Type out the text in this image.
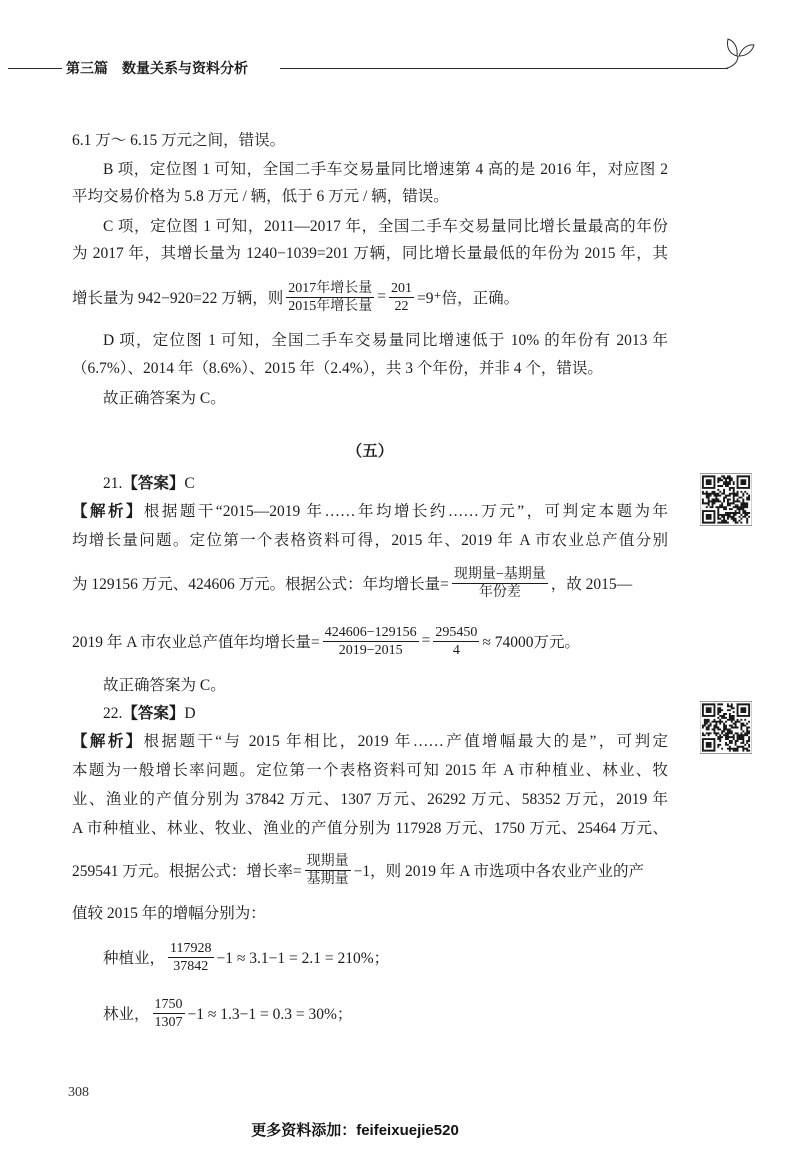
第三篇　数量关系与资料分析
6.1 万～ 6.15 万元之间，错误。
B 项，定位图 1 可知，全国二手车交易量同比增速第 4 高的是 2016 年，对应图 2
平均交易价格为 5.8 万元 / 辆，低于 6 万元 / 辆，错误。
C 项，定位图 1 可知，2011—2017 年，全国二手车交易量同比增长量最高的年份
为 2017 年，其增长量为 1240−1039=201 万辆，同比增长量最低的年份为 2015 年，其
增长量为 942−920=22 万辆，则 $\frac{\text{2017年增长量}}{\text{2015年增长量}} = \frac{201}{22} =9^+$倍，正确。
D 项，定位图 1 可知，全国二手车交易量同比增速低于 10% 的年份有 2013 年
（6.7%）、2014 年（8.6%）、2015 年（2.4%），共 3 个年份，并非 4 个，错误。
故正确答案为 C。
（五）
21.【答案】C
【解析】根据题干“2015—2019 年……年均增长约……万元”，可判定本题为年
均增长量问题。定位第一个表格资料可得，2015 年、2019 年 A 市农业总产值分别
为 129156 万元、424606 万元。根据公式：年均增长量= $\frac{\text{现期量−基期量}}{\text{年份差}}$ ，故 2015—
2019 年 A 市农业总产值年均增长量= $\frac{424606-129156}{2019-2015} = \frac{295450}{4} \approx 74000$万元。
故正确答案为 C。
22.【答案】D
【解析】根据题干“与 2015 年相比，2019 年……产值增幅最大的是”，可判定
本题为一般增长率问题。定位第一个表格资料可知 2015 年 A 市种植业、林业、牧
业、渔业的产值分别为 37842 万元、1307 万元、26292 万元、58352 万元，2019 年
A 市种植业、林业、牧业、渔业的产值分别为 117928 万元、1750 万元、25464 万元、
259541 万元。根据公式：增长率= $\frac{\text{现期量}}{\text{基期量}} -1$，则 2019 年 A 市选项中各农业产业的产
值较 2015 年的增幅分别为：
种植业， $\frac{117928}{37842} -1 \approx 3.1-1 = 2.1 = 210\%$；
林业， $\frac{1750}{1307} -1 \approx 1.3-1 = 0.3 = 30\%$；
308
更多资料添加：feifeixuejie520
